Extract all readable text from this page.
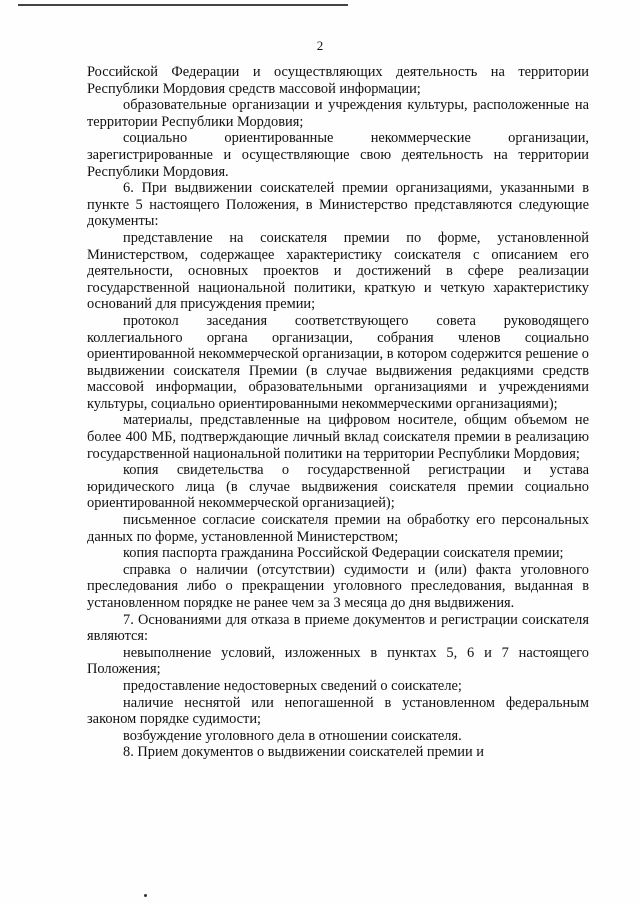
2

Российской Федерации и осуществляющих деятельность на территории Республики Мордовия средств массовой информации;

образовательные организации и учреждения культуры, расположенные на территории Республики Мордовия;

социально ориентированные некоммерческие организации, зарегистрированные и осуществляющие свою деятельность на территории Республики Мордовия.

6. При выдвижении соискателей премии организациями, указанными в пункте 5 настоящего Положения, в Министерство представляются следующие документы:

представление на соискателя премии по форме, установленной Министерством, содержащее характеристику соискателя с описанием его деятельности, основных проектов и достижений в сфере реализации государственной национальной политики, краткую и четкую характеристику оснований для присуждения премии;

протокол заседания соответствующего совета руководящего коллегиального органа организации, собрания членов социально ориентированной некоммерческой организации, в котором содержится решение о выдвижении соискателя Премии (в случае выдвижения редакциями средств массовой информации, образовательными организациями и учреждениями культуры, социально ориентированными некоммерческими организациями);

материалы, представленные на цифровом носителе, общим объемом не более 400 МБ, подтверждающие личный вклад соискателя премии в реализацию государственной национальной политики на территории Республики Мордовия;

копия свидетельства о государственной регистрации и устава юридического лица (в случае выдвижения соискателя премии социально ориентированной некоммерческой организацией);

письменное согласие соискателя премии на обработку его персональных данных по форме, установленной Министерством;

копия паспорта гражданина Российской Федерации соискателя премии;

справка о наличии (отсутствии) судимости и (или) факта уголовного преследования либо о прекращении уголовного преследования, выданная в установленном порядке не ранее чем за 3 месяца до дня выдвижения.

7. Основаниями для отказа в приеме документов и регистрации соискателя являются:

невыполнение условий, изложенных в пунктах 5, 6 и 7 настоящего Положения;

предоставление недостоверных сведений о соискателе;

наличие неснятой или непогашенной в установленном федеральным законом порядке судимости;

возбуждение уголовного дела в отношении соискателя.

8. Прием документов о выдвижении соискателей премии и
